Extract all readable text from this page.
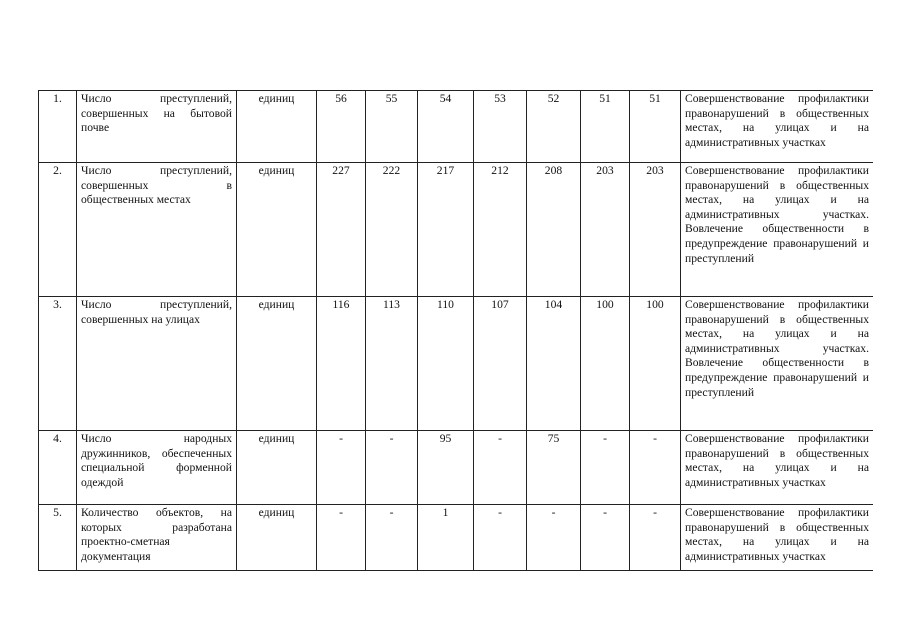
1.	Число преступлений, совершенных на бытовой почве	единиц	56	55	54	53	52	51	51	Совершенствование профилактики правонарушений в общественных местах, на улицах и на административных участках
2.	Число преступлений, совершенных в общественных местах	единиц	227	222	217	212	208	203	203	Совершенствование профилактики правонарушений в общественных местах, на улицах и на административных участках. Вовлечение общественности в предупреждение правонарушений и преступлений
3.	Число преступлений, совершенных на улицах	единиц	116	113	110	107	104	100	100	Совершенствование профилактики правонарушений в общественных местах, на улицах и на административных участках. Вовлечение общественности в предупреждение правонарушений и преступлений
4.	Число народных дружинников, обеспеченных специальной форменной одеждой	единиц	-	-	95	-	75	-	-	Совершенствование профилактики правонарушений в общественных местах, на улицах и на административных участках
5.	Количество объектов, на которых разработана проектно-сметная документация	единиц	-	-	1	-	-	-	-	Совершенствование профилактики правонарушений в общественных местах, на улицах и на административных участках
